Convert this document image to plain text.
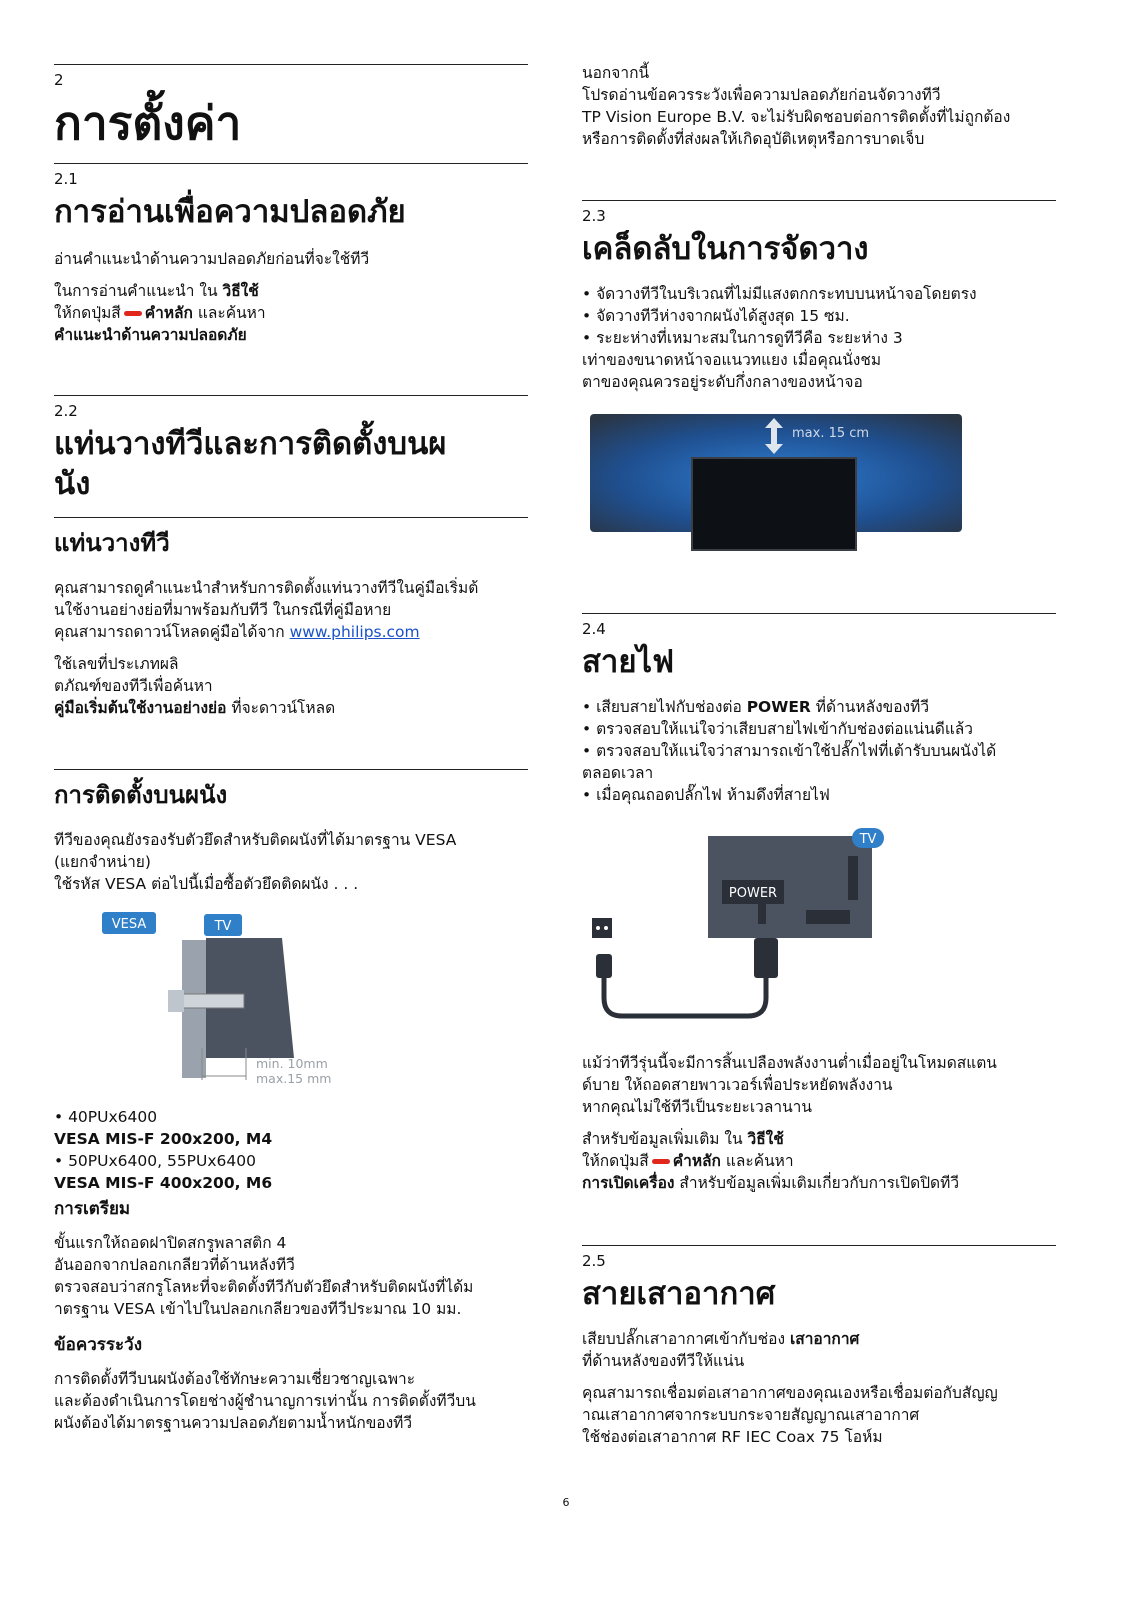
2
การตั้งค่า
2.1
การอ่านเพื่อความปลอดภัย

อ่านคำแนะนำด้านความปลอดภัยก่อนที่จะใช้ทีวี

ในการอ่านคำแนะนำ ใน วิธีใช้
ให้กดปุ่มสี คำหลัก และค้นหา
คำแนะนำด้านความปลอดภัย
2.2
แท่นวางทีวีและการติดตั้งบนผ
นัง
แท่นวางทีวี
คุณสามารถดูคำแนะนำสำหรับการติดตั้งแท่นวางทีวีในคู่มือเริ่มต้
นใช้งานอย่างย่อที่มาพร้อมกับทีวี ในกรณีที่คู่มือหาย
คุณสามารถดาวน์โหลดคู่มือได้จาก www.philips.com
ใช้เลขที่ประเภทผลิ
ตภัณฑ์ของทีวีเพื่อค้นหา
คู่มือเริ่มต้นใช้งานอย่างย่อ ที่จะดาวน์โหลด
การติดตั้งบนผนัง
ทีวีของคุณยังรองรับตัวยึดสำหรับติดผนังที่ได้มาตรฐาน VESA
(แยกจำหน่าย)
ใช้รหัส VESA ต่อไปนี้เมื่อซื้อตัวยึดติดผนัง . . .
VESA	TV
min. 10mm
max.15 mm
• 40PUx6400
VESA MIS-F 200x200, M4
• 50PUx6400, 55PUx6400
VESA MIS-F 400x200, M6
การเตรียม
ขั้นแรกให้ถอดฝาปิดสกรูพลาสติก 4
อันออกจากปลอกเกลียวที่ด้านหลังทีวี
ตรวจสอบว่าสกรูโลหะที่จะติดตั้งทีวีกับตัวยึดสำหรับติดผนังที่ได้ม
าตรฐาน VESA เข้าไปในปลอกเกลียวของทีวีประมาณ 10 มม.
ข้อควรระวัง
การติดตั้งทีวีบนผนังต้องใช้ทักษะความเชี่ยวชาญเฉพาะ
และต้องดำเนินการโดยช่างผู้ชำนาญการเท่านั้น การติดตั้งทีวีบน
ผนังต้องได้มาตรฐานความปลอดภัยตามน้ำหนักของทีวี
นอกจากนี้
โปรดอ่านข้อควรระวังเพื่อความปลอดภัยก่อนจัดวางทีวี
TP Vision Europe B.V. จะไม่รับผิดชอบต่อการติดตั้งที่ไม่ถูกต้อง
หรือการติดตั้งที่ส่งผลให้เกิดอุบัติเหตุหรือการบาดเจ็บ
2.3
เคล็ดลับในการจัดวาง
• จัดวางทีวีในบริเวณที่ไม่มีแสงตกกระทบบนหน้าจอโดยตรง
• จัดวางทีวีห่างจากผนังได้สูงสุด 15 ซม.
• ระยะห่างที่เหมาะสมในการดูทีวีคือ ระยะห่าง 3
เท่าของขนาดหน้าจอแนวทแยง เมื่อคุณนั่งชม
ตาของคุณควรอยู่ระดับกึ่งกลางของหน้าจอ
max. 15 cm
2.4
สายไฟ
• เสียบสายไฟกับช่องต่อ POWER ที่ด้านหลังของทีวี
• ตรวจสอบให้แน่ใจว่าเสียบสายไฟเข้ากับช่องต่อแน่นดีแล้ว
• ตรวจสอบให้แน่ใจว่าสามารถเข้าใช้ปลั๊กไฟที่เต้ารับบนผนังได้
ตลอดเวลา
• เมื่อคุณถอดปลั๊กไฟ ห้ามดึงที่สายไฟ
TV
POWER
แม้ว่าทีวีรุ่นนี้จะมีการสิ้นเปลืองพลังงานต่ำเมื่ออยู่ในโหมดสแตน
ด์บาย ให้ถอดสายพาวเวอร์เพื่อประหยัดพลังงาน
หากคุณไม่ใช้ทีวีเป็นระยะเวลานาน
สำหรับข้อมูลเพิ่มเติม ใน วิธีใช้
ให้กดปุ่มสี คำหลัก และค้นหา
การเปิดเครื่อง สำหรับข้อมูลเพิ่มเติมเกี่ยวกับการเปิดปิดทีวี
2.5
สายเสาอากาศ
เสียบปลั๊กเสาอากาศเข้ากับช่อง เสาอากาศ
ที่ด้านหลังของทีวีให้แน่น
คุณสามารถเชื่อมต่อเสาอากาศของคุณเองหรือเชื่อมต่อกับสัญญ
าณเสาอากาศจากระบบกระจายสัญญาณเสาอากาศ
ใช้ช่องต่อเสาอากาศ RF IEC Coax 75 โอห์ม
6
